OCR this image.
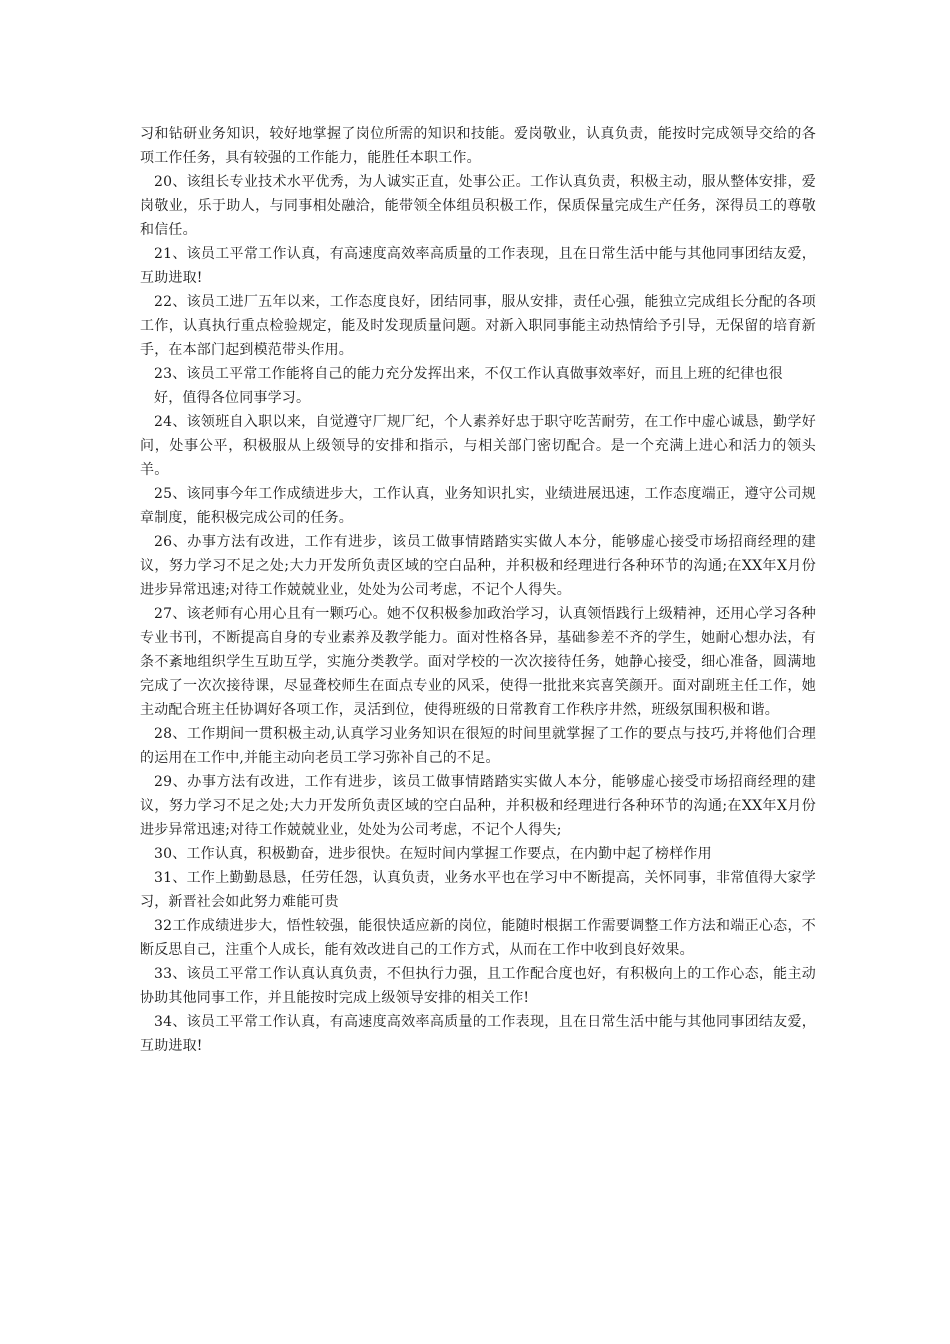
习和钻研业务知识，较好地掌握了岗位所需的知识和技能。爱岗敬业，认真负责，能按时完成领导交给的各项工作任务，具有较强的工作能力，能胜任本职工作。

20、该组长专业技术水平优秀，为人诚实正直，处事公正。工作认真负责，积极主动，服从整体安排，爱岗敬业，乐于助人，与同事相处融洽，能带领全体组员积极工作，保质保量完成生产任务，深得员工的尊敬和信任。

21、该员工平常工作认真，有高速度高效率高质量的工作表现，且在日常生活中能与其他同事团结友爱，互助进取!

22、该员工进厂五年以来，工作态度良好，团结同事，服从安排，责任心强，能独立完成组长分配的各项工作，认真执行重点检验规定，能及时发现质量问题。对新入职同事能主动热情给予引导，无保留的培育新手，在本部门起到模范带头作用。

23、该员工平常工作能将自己的能力充分发挥出来，不仅工作认真做事效率好，而且上班的纪律也很

好，值得各位同事学习。

24、该领班自入职以来，自觉遵守厂规厂纪，个人素养好忠于职守吃苦耐劳，在工作中虚心诚恳，勤学好问，处事公平，积极服从上级领导的安排和指示，与相关部门密切配合。是一个充满上进心和活力的领头羊。

25、该同事今年工作成绩进步大，工作认真，业务知识扎实，业绩进展迅速，工作态度端正，遵守公司规章制度，能积极完成公司的任务。

26、办事方法有改进，工作有进步，该员工做事情踏踏实实做人本分，能够虚心接受市场招商经理的建议，努力学习不足之处;大力开发所负责区域的空白品种，并积极和经理进行各种环节的沟通;在XX年X月份进步异常迅速;对待工作兢兢业业，处处为公司考虑，不记个人得失。

27、该老师有心用心且有一颗巧心。她不仅积极参加政治学习，认真领悟践行上级精神，还用心学习各种专业书刊，不断提高自身的专业素养及教学能力。面对性格各异，基础参差不齐的学生，她耐心想办法，有条不紊地组织学生互助互学，实施分类教学。面对学校的一次次接待任务，她静心接受，细心准备，圆满地完成了一次次接待课，尽显聋校师生在面点专业的风采，使得一批批来宾喜笑颜开。面对副班主任工作，她主动配合班主任协调好各项工作，灵活到位，使得班级的日常教育工作秩序井然，班级氛围积极和谐。

28、工作期间一贯积极主动,认真学习业务知识在很短的时间里就掌握了工作的要点与技巧,并将他们合理的运用在工作中,并能主动向老员工学习弥补自己的不足。

29、办事方法有改进，工作有进步，该员工做事情踏踏实实做人本分，能够虚心接受市场招商经理的建议，努力学习不足之处;大力开发所负责区域的空白品种，并积极和经理进行各种环节的沟通;在XX年X月份进步异常迅速;对待工作兢兢业业，处处为公司考虑，不记个人得失;

30、工作认真，积极勤奋，进步很快。在短时间内掌握工作要点，在内勤中起了榜样作用

31、工作上勤勤恳恳，任劳任怨，认真负责，业务水平也在学习中不断提高，关怀同事，非常值得大家学习，新晋社会如此努力难能可贵

32工作成绩进步大，悟性较强，能很快适应新的岗位，能随时根据工作需要调整工作方法和端正心态，不断反思自己，注重个人成长，能有效改进自己的工作方式，从而在工作中收到良好效果。

33、该员工平常工作认真认真负责，不但执行力强，且工作配合度也好，有积极向上的工作心态，能主动协助其他同事工作，并且能按时完成上级领导安排的相关工作!

34、该员工平常工作认真，有高速度高效率高质量的工作表现，且在日常生活中能与其他同事团结友爱，互助进取!
